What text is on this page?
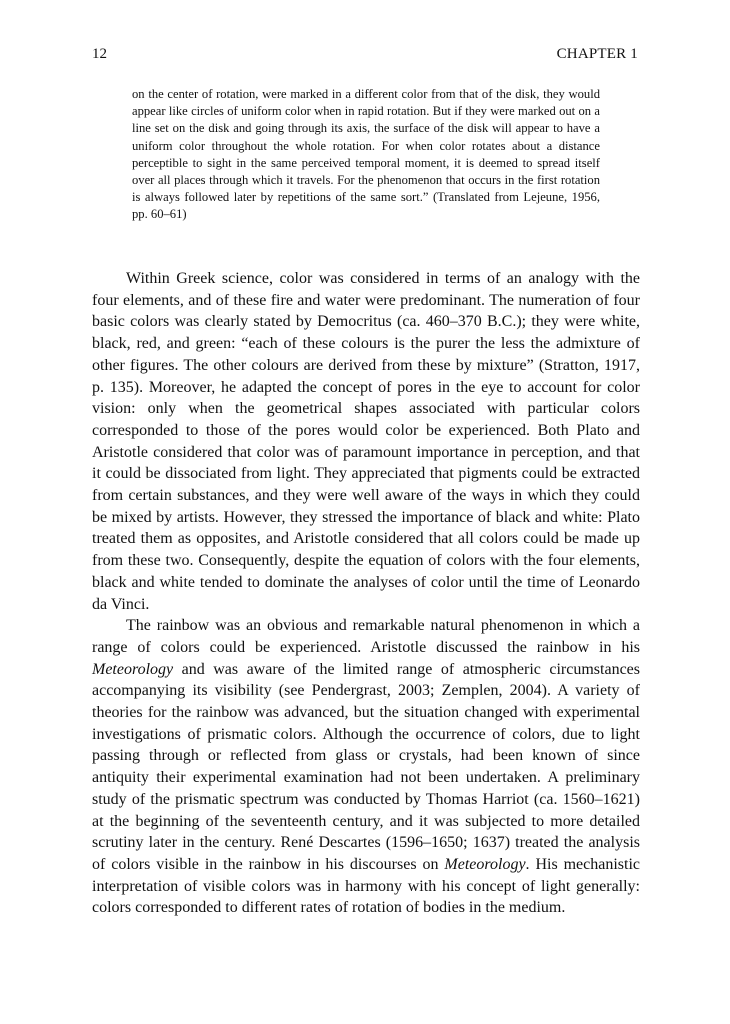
12	CHAPTER 1

on the center of rotation, were marked in a different color from that of the disk, they would appear like circles of uniform color when in rapid rotation. But if they were marked out on a line set on the disk and going through its axis, the surface of the disk will appear to have a uniform color throughout the whole rotation. For when color rotates about a distance perceptible to sight in the same perceived temporal moment, it is deemed to spread itself over all places through which it travels. For the phenomenon that occurs in the first rotation is always followed later by repetitions of the same sort.” (Translated from Lejeune, 1956, pp. 60–61)

Within Greek science, color was considered in terms of an analogy with the four elements, and of these fire and water were predominant. The numeration of four basic colors was clearly stated by Democritus (ca. 460–370 B.C.); they were white, black, red, and green: “each of these colours is the purer the less the admixture of other figures. The other colours are derived from these by mixture” (Stratton, 1917, p. 135). Moreover, he adapted the concept of pores in the eye to account for color vision: only when the geometrical shapes associated with particular colors corresponded to those of the pores would color be experienced. Both Plato and Aristotle considered that color was of paramount importance in perception, and that it could be dissociated from light. They appreciated that pigments could be extracted from certain substances, and they were well aware of the ways in which they could be mixed by artists. However, they stressed the importance of black and white: Plato treated them as opposites, and Aristotle considered that all colors could be made up from these two. Consequently, despite the equation of colors with the four elements, black and white tended to dominate the analyses of color until the time of Leonardo da Vinci.

The rainbow was an obvious and remarkable natural phenomenon in which a range of colors could be experienced. Aristotle discussed the rainbow in his Meteorology and was aware of the limited range of atmospheric circumstances accompanying its visibility (see Pendergrast, 2003; Zemplen, 2004). A variety of theories for the rainbow was advanced, but the situation changed with experimental investigations of prismatic colors. Although the occurrence of colors, due to light passing through or reflected from glass or crystals, had been known of since antiquity their experimental examination had not been undertaken. A preliminary study of the prismatic spectrum was conducted by Thomas Harriot (ca. 1560–1621) at the beginning of the seventeenth century, and it was subjected to more detailed scrutiny later in the century. René Descartes (1596–1650; 1637) treated the analysis of colors visible in the rainbow in his discourses on Meteorology. His mechanistic interpretation of visible colors was in harmony with his concept of light generally: colors corresponded to different rates of rotation of bodies in the medium.
